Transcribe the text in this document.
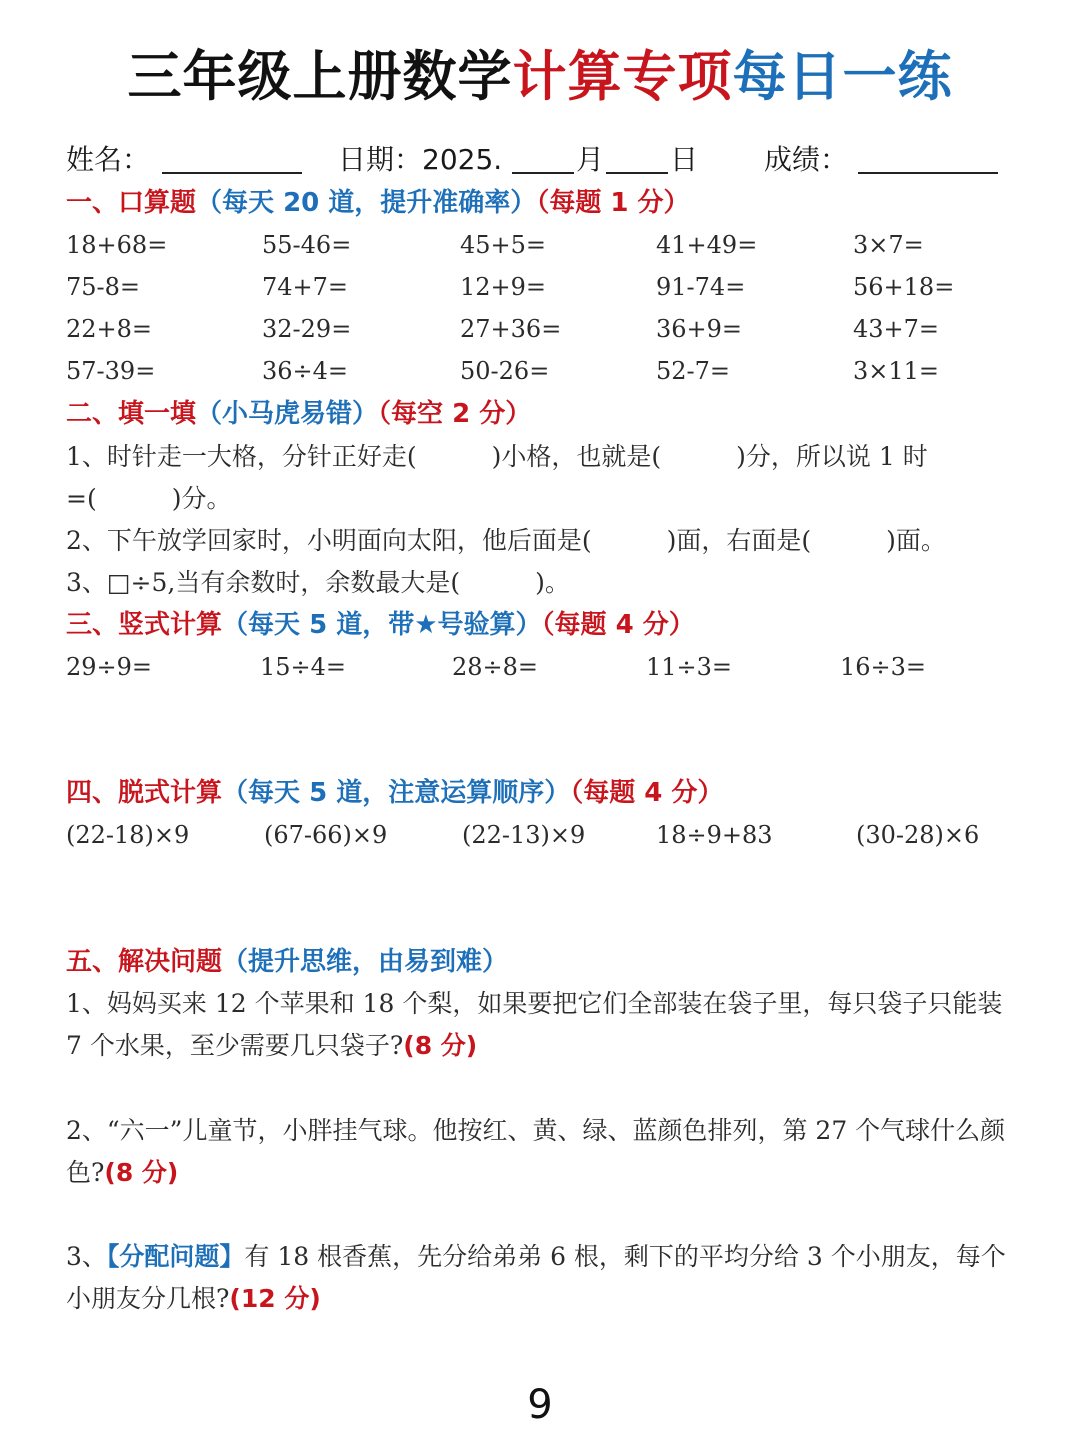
三年级上册数学计算专项每日一练
姓名：	日期：2025.	月 日 成绩：
一、口算题（每天 20 道，提升准确率）（每题 1 分）
18+68=	55-46=	45+5=	41+49=	3×7=
75-8=	74+7=	12+9=	91-74=	56+18=
22+8=	32-29=	27+36=	36+9=	43+7=
57-39=	36÷4=	50-26=	52-7=	3×11=
二、填一填（小马虎易错）（每空 2 分）
1、时针走一大格，分针正好走(　　　)小格，也就是(　　　)分，所以说 1 时
=(　　　)分。
2、下午放学回家时，小明面向太阳，他后面是(　　　)面，右面是(　　　)面。
3、□÷5,当有余数时，余数最大是(　　　)。
三、竖式计算（每天 5 道，带★号验算）（每题 4 分）
29÷9=	15÷4=	28÷8=	11÷3=	16÷3=
四、脱式计算（每天 5 道，注意运算顺序）（每题 4 分）
(22-18)×9	(67-66)×9	(22-13)×9	18÷9+83	(30-28)×6
五、解决问题（提升思维，由易到难）
1、妈妈买来 12 个苹果和 18 个梨，如果要把它们全部装在袋子里，每只袋子只能装 7 个水果，至少需要几只袋子?(8 分)
2、“六一”儿童节，小胖挂气球。他按红、黄、绿、蓝颜色排列，第 27 个气球什么颜色?(8 分)
3、【分配问题】有 18 根香蕉，先分给弟弟 6 根，剩下的平均分给 3 个小朋友，每个小朋友分几根?(12 分)
9
